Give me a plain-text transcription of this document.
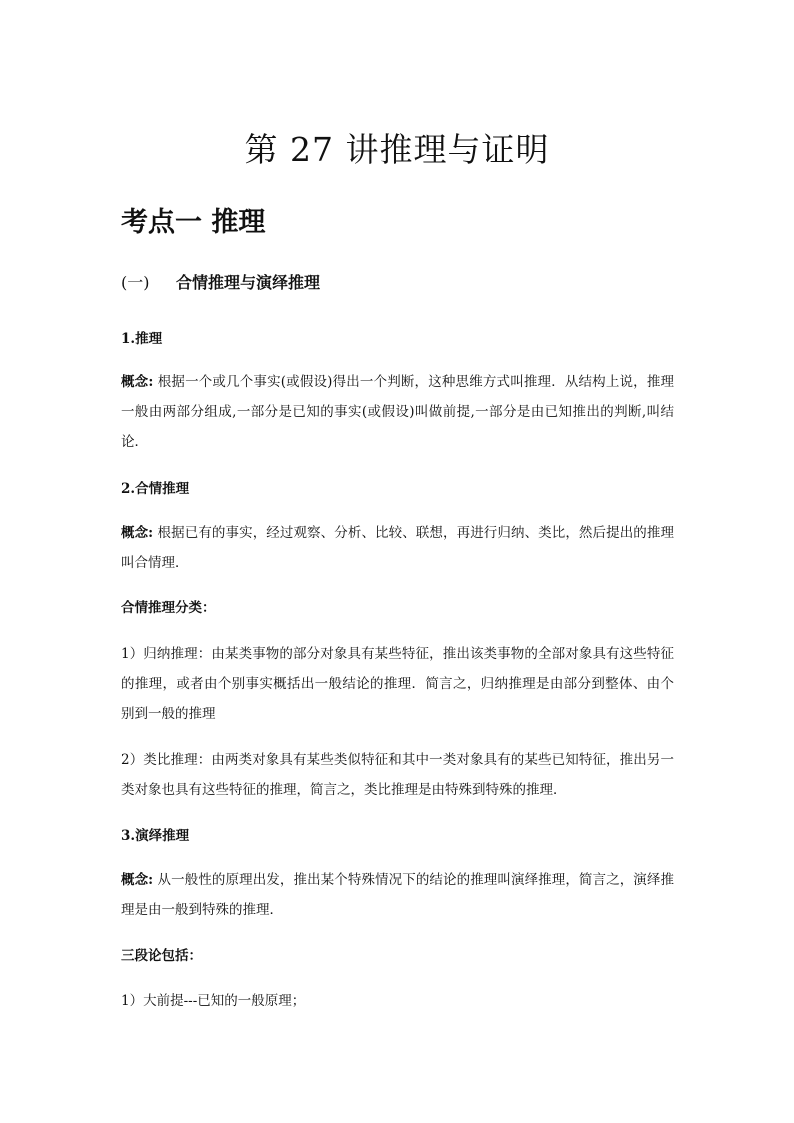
第 27 讲推理与证明
考点一 推理
(一) 合情推理与演绎推理
1.推理
概念: 根据一个或几个事实(或假设)得出一个判断，这种思维方式叫推理．从结构上说，推理一般由两部分组成,一部分是已知的事实(或假设)叫做前提,一部分是由已知推出的判断,叫结论．
2.合情推理
概念: 根据已有的事实，经过观察、分析、比较、联想，再进行归纳、类比，然后提出的推理叫合情理．
合情推理分类：
1）归纳推理：由某类事物的部分对象具有某些特征，推出该类事物的全部对象具有这些特征的推理，或者由个别事实概括出一般结论的推理．简言之，归纳推理是由部分到整体、由个别到一般的推理
2）类比推理：由两类对象具有某些类似特征和其中一类对象具有的某些已知特征，推出另一类对象也具有这些特征的推理，简言之，类比推理是由特殊到特殊的推理．
3.演绎推理
概念: 从一般性的原理出发，推出某个特殊情况下的结论的推理叫演绎推理，简言之，演绎推理是由一般到特殊的推理．
三段论包括：
1）大前提---已知的一般原理；
